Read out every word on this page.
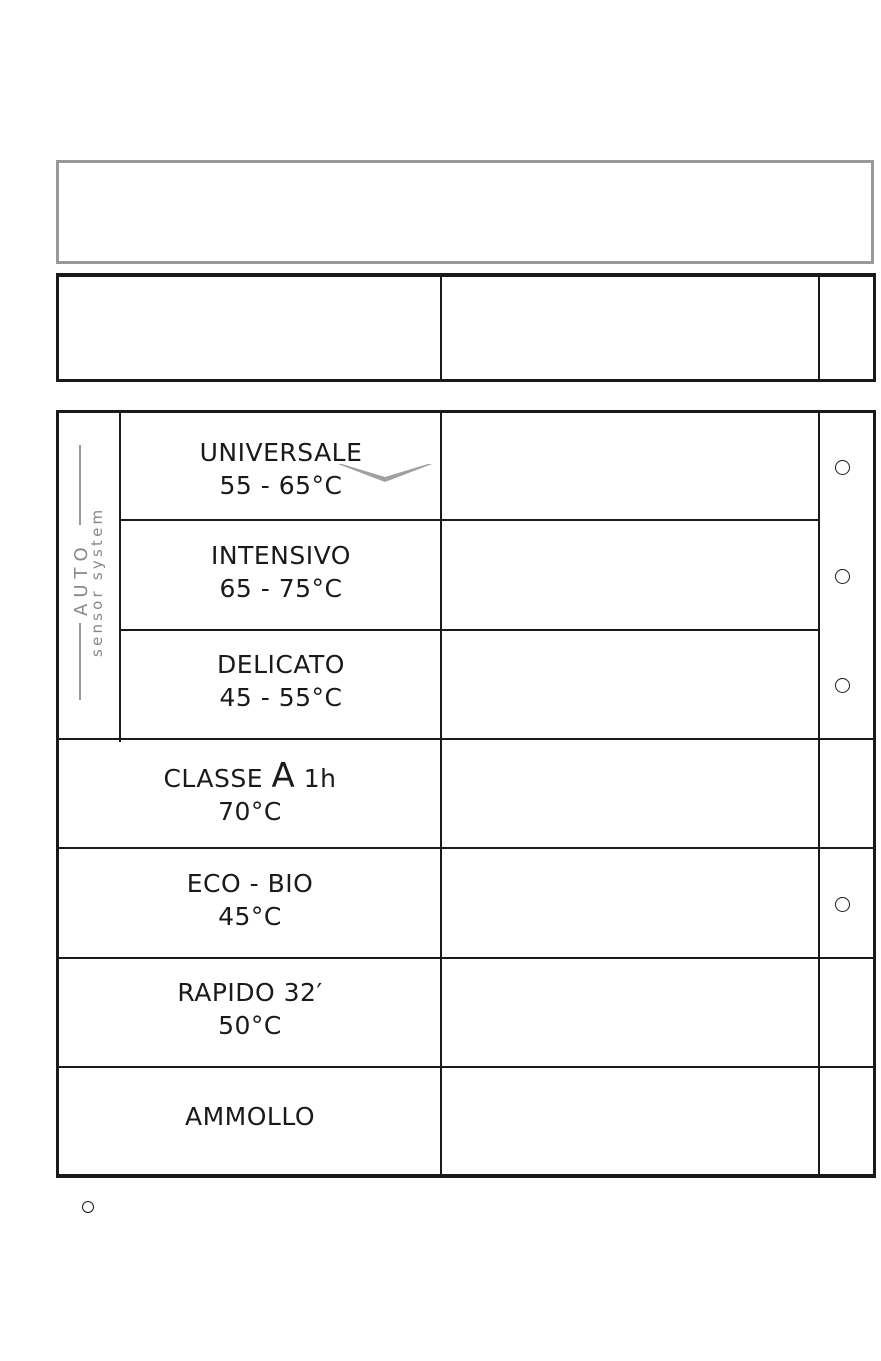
AUTO
sensor system
UNIVERSALE
55 - 65°C
INTENSIVO
65 - 75°C
DELICATO
45 - 55°C
CLASSE A 1h
70°C
ECO - BIO
45°C
RAPIDO 32′
50°C
AMMOLLO
